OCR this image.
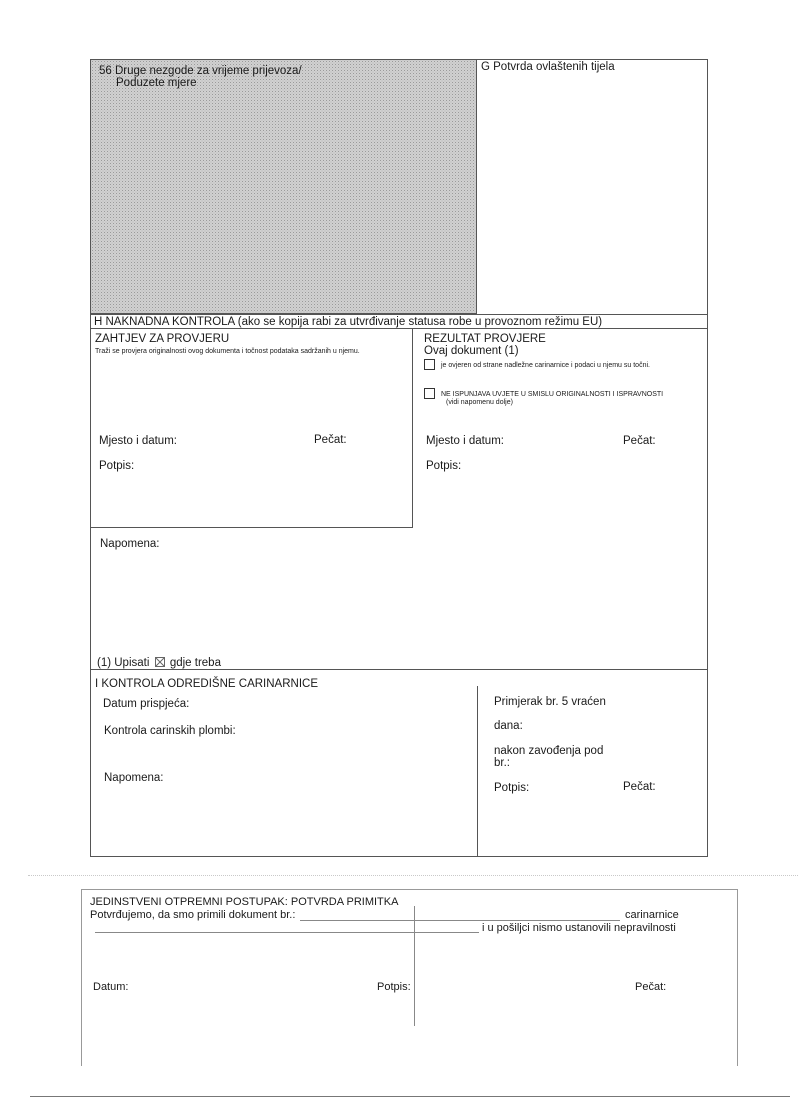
56 Druge nezgode za vrijeme prijevoza/
Poduzete mjere
G Potvrda ovlaštenih tijela
H NAKNADNA KONTROLA (ako se kopija rabi za utvrđivanje statusa robe u provoznom režimu EU)
ZAHTJEV ZA PROVJERU
Traži se provjera originalnosti ovog dokumenta i točnost podataka sadržanih u njemu.
Mjesto i datum:	Pečat:
Potpis:
REZULTAT PROVJERE
Ovaj dokument (1)
je ovjeren od strane nadležne carinarnice i podaci u njemu su točni.
NE ISPUNJAVA UVJETE U SMISLU ORIGINALNOSTI I ISPRAVNOSTI
(vidi napomenu dolje)
Mjesto i datum:	Pečat:
Potpis:
Napomena:
(1) Upisati ☒ gdje treba
I KONTROLA ODREDIŠNE CARINARNICE
Datum prispjeća:
Kontrola carinskih plombi:
Napomena:
Primjerak br. 5 vraćen
dana:
nakon zavođenja pod
br.:
Potpis:	Pečat:
JEDINSTVENI OTPREMNI POSTUPAK: POTVRDA PRIMITKA
Potvrđujemo, da smo primili dokument br.:	carinarnice
i u pošiljci nismo ustanovili nepravilnosti
Datum:	Potpis:	Pečat:
